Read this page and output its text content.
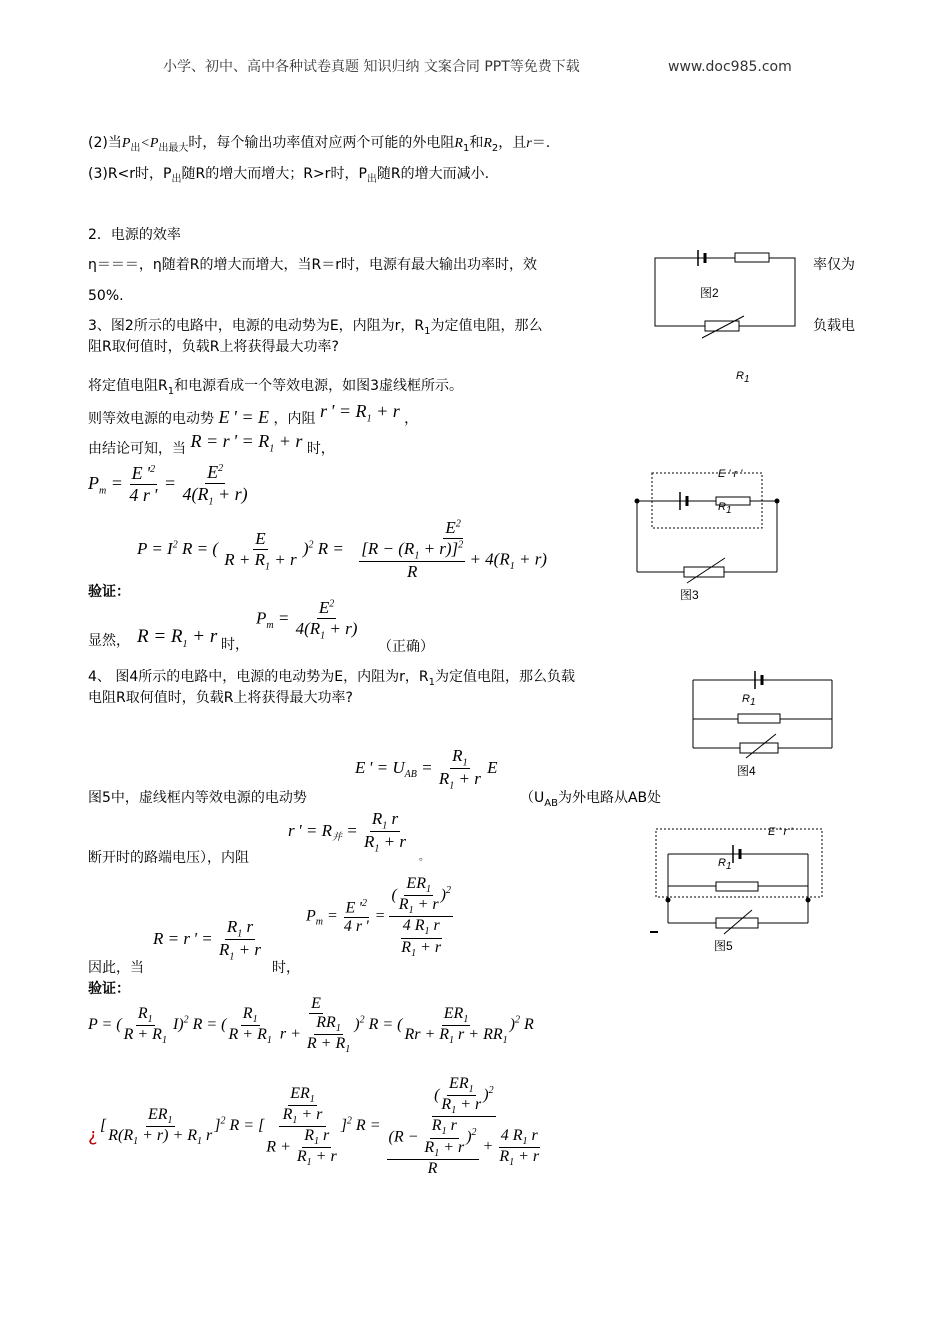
小学、初中、高中各种试卷真题 知识归纳 文案合同 PPT等免费下载	www.doc985.com
(2)当$P_出<P_{出最大}$时，每个输出功率值对应两个可能的外电阻$R_1$和$R_2$，且r＝.
(3)R<r时，$P_出$随R的增大而增大；R>r时，$P_出$随R的增大而减小.
2．电源的效率
η＝＝＝，η随着R的增大而增大，当R＝r时，电源有最大输出功率时，效	率仅为
50%.
3、图2所示的电路中，电源的电动势为E，内阻为r，$R_1$为定值电阻，那么	负载电
阻R取何值时，负载R上将获得最大功率?
图2
$R_1$
将定值电阻$R_1$和电源看成一个等效电源，如图3虚线框所示。
则等效电源的电动势 E ' = E ，内阻 r ' = $R_1 + r$ ，
由结论可知，当 R = r ' = $R_1 + r$ 时，
$P_m = \frac{E '^2}{4 r '} = \frac{E^2}{4(R_1 + r)}$
$P = I^2$ R = ( $\frac{E}{R + R_1 + r} )^2$ $R = \frac{E^2}{\frac{[R - (R_1 + r)]^2}{R} + 4(R_1 + r)}$
验证：
E ' r '
$R_1$
图3
显然， $R = R_1 + r$ 时，
$P_m = \frac{E^2}{4(R_1 + r)}$
（正确）
4、 图4所示的电路中，电源的电动势为E，内阻为r，$R_1$为定值电阻，那么负载
电阻R取何值时，负载R上将获得最大功率?	$R_1$
图4
E ' = $U_{AB} = \frac{R_1}{R_1 + r}$ E
图5中，虚线框内等效电源的电动势	（$U_{AB}$为外电路从AB处
r ' = $R_并 = \frac{R_1 r}{R_1 + r}$
。
断开时的路端电压），内阻
E ' r '
$R_1$
图5
$P_m = \frac{E '^2}{4 r '} = \frac{( \frac{ER_1}{R_1 + r} )^2}{\frac{4 R_1 r}{R_1 + r}}$
R = r ' = $\frac{R_1 r}{R_1 + r}$
因此，当	时，
验证：
P = ( $\frac{R_1}{R + R_1} I)^2$ R = ( $\frac{R_1}{R + R_1}$
$\frac{E}{r + \frac{RR_1}{R + R_1}} )^2$ R = ( $\frac{ER_1}{Rr + R_1 r + RR_1} )^2$ R
¿ [ $\frac{ER_1}{R(R_1 + r) + R_1 r} ]^2$ R = [ $\frac{\frac{ER_1}{R_1 + r}}{R + \frac{R_1 r}{R_1 + r}} ]^2$ $R = \frac{( \frac{ER_1}{R_1 + r} )^2}{\frac{(R - \frac{R_1 r}{R_1 + r} )^2}{R} + \frac{4 R_1 r}{R_1 + r}}$
